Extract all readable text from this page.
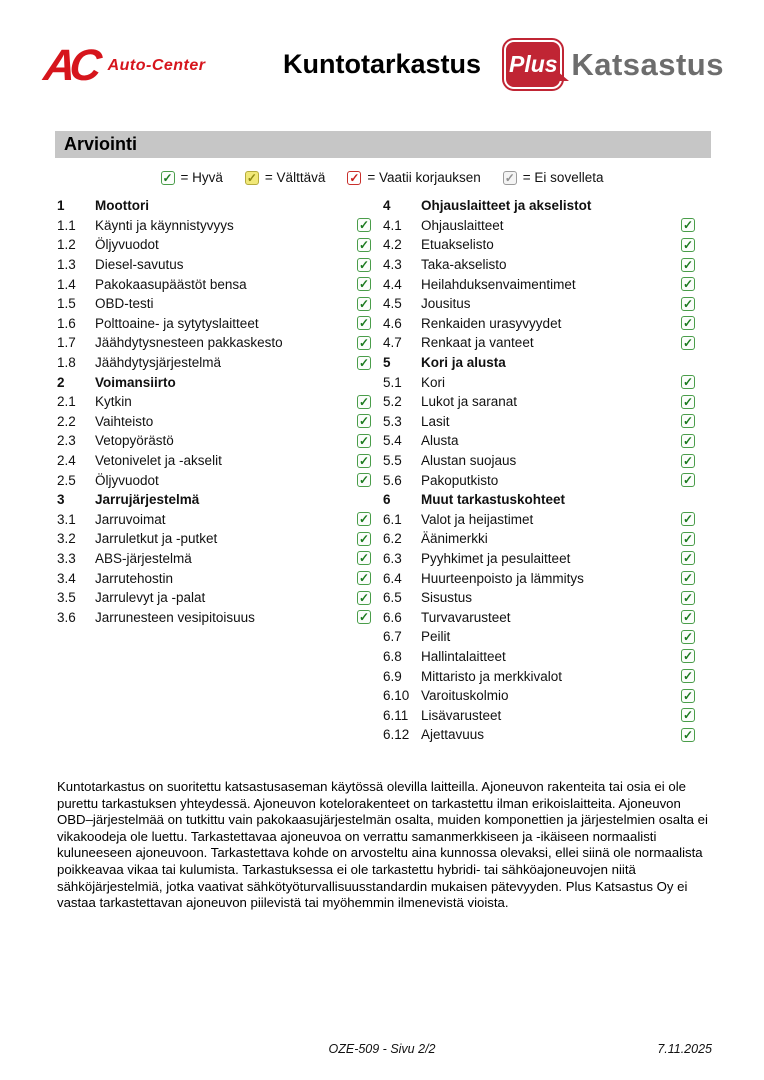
AC Auto-Center	Kuntotarkastus	Plus Katsastus
Arviointi
✓ = Hyvä ✓ = Välttävä ✓ = Vaatii korjauksen ✓ = Ei sovelleta
1	Moottori
1.1	Käynti ja käynnistyvyys	✓
1.2	Öljyvuodot	✓
1.3	Diesel-savutus	✓
1.4	Pakokaasupäästöt bensa	✓
1.5	OBD-testi	✓
1.6	Polttoaine- ja sytytyslaitteet	✓
1.7	Jäähdytysnesteen pakkaskesto	✓
1.8	Jäähdytysjärjestelmä	✓
2	Voimansiirto
2.1	Kytkin	✓
2.2	Vaihteisto	✓
2.3	Vetopyörästö	✓
2.4	Vetonivelet ja -akselit	✓
2.5	Öljyvuodot	✓
3	Jarrujärjestelmä
3.1	Jarruvoimat	✓
3.2	Jarruletkut ja -putket	✓
3.3	ABS-järjestelmä	✓
3.4	Jarrutehostin	✓
3.5	Jarrulevyt ja -palat	✓
3.6	Jarrunesteen vesipitoisuus	✓
4	Ohjauslaitteet ja akselistot
4.1	Ohjauslaitteet	✓
4.2	Etuakselisto	✓
4.3	Taka-akselisto	✓
4.4	Heilahduksenvaimentimet	✓
4.5	Jousitus	✓
4.6	Renkaiden urasyvyydet	✓
4.7	Renkaat ja vanteet	✓
5	Kori ja alusta
5.1	Kori	✓
5.2	Lukot ja saranat	✓
5.3	Lasit	✓
5.4	Alusta	✓
5.5	Alustan suojaus	✓
5.6	Pakoputkisto	✓
6	Muut tarkastuskohteet
6.1	Valot ja heijastimet	✓
6.2	Äänimerkki	✓
6.3	Pyyhkimet ja pesulaitteet	✓
6.4	Huurteenpoisto ja lämmitys	✓
6.5	Sisustus	✓
6.6	Turvavarusteet	✓
6.7	Peilit	✓
6.8	Hallintalaitteet	✓
6.9	Mittaristo ja merkkivalot	✓
6.10 Varoituskolmio	✓
6.11 Lisävarusteet	✓
6.12 Ajettavuus	✓

Kuntotarkastus on suoritettu katsastusaseman käytössä olevilla laitteilla. Ajoneuvon rakenteita tai osia ei ole purettu tarkastuksen yhteydessä. Ajoneuvon kotelorakenteet on tarkastettu ilman erikoislaitteita. Ajoneuvon OBD–järjestelmää on tutkittu vain pakokaasujärjestelmän osalta, muiden komponettien ja järjestelmien osalta ei vikakoodeja ole luettu. Tarkastettavaa ajoneuvoa on verrattu samanmerkkiseen ja -ikäiseen normaalisti kuluneeseen ajoneuvoon. Tarkastettava kohde on arvosteltu aina kunnossa olevaksi, ellei siinä ole normaalista poikkeavaa vikaa tai kulumista. Tarkastuksessa ei ole tarkastettu hybridi- tai sähköajoneuvojen niitä sähköjärjestelmiä, jotka vaativat sähkötyöturvallisuusstandardin mukaisen pätevyyden. Plus Katsastus Oy ei vastaa tarkastettavan ajoneuvon piilevistä tai myöhemmin ilmenevistä vioista.

OZE-509 - Sivu 2/2	7.11.2025
